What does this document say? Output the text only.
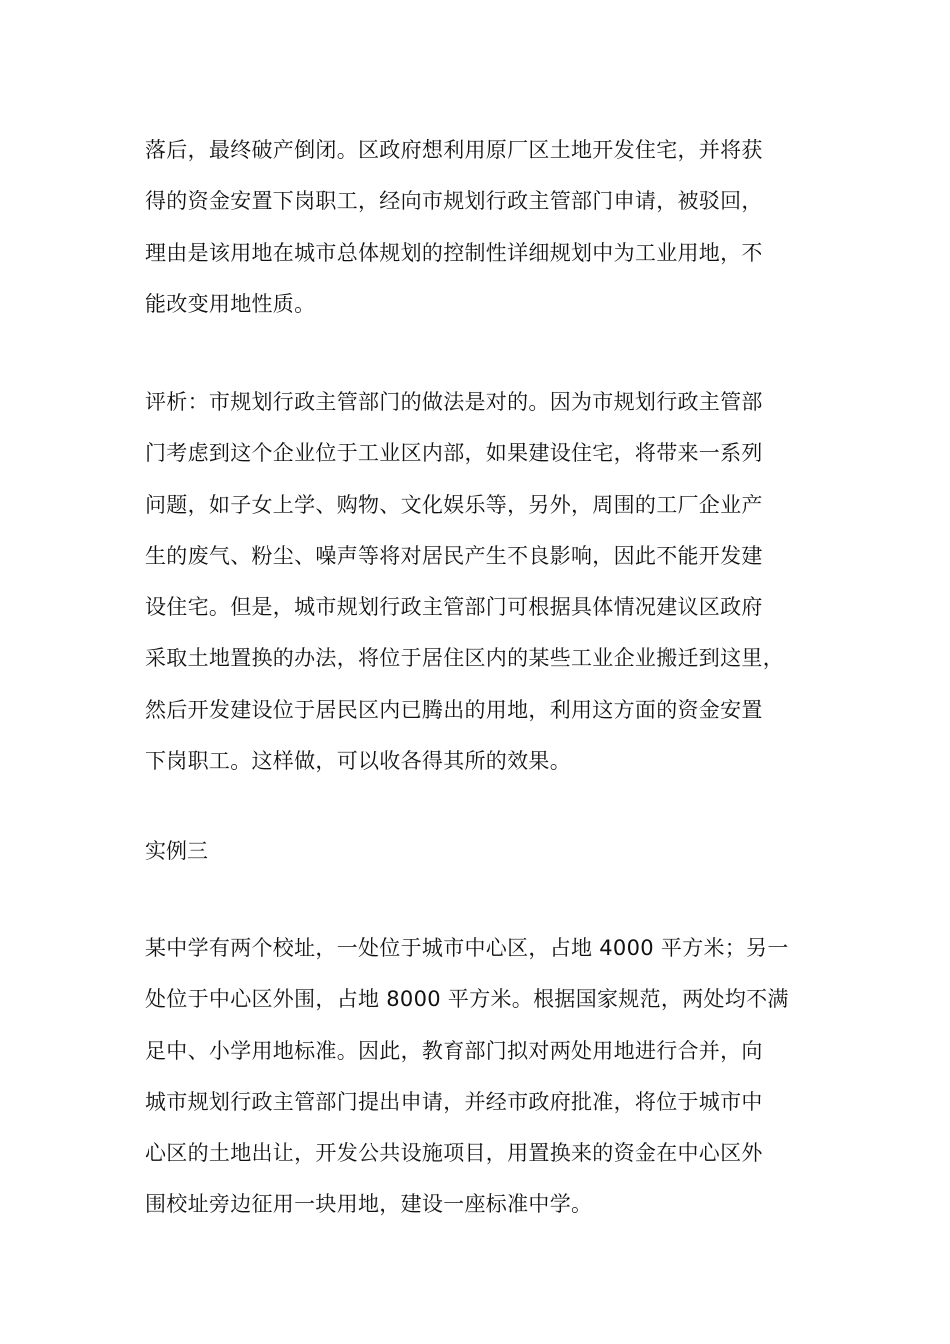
落后，最终破产倒闭。区政府想利用原厂区土地开发住宅，并将获
得的资金安置下岗职工，经向市规划行政主管部门申请，被驳回，
理由是该用地在城市总体规划的控制性详细规划中为工业用地，不
能改变用地性质。

评析：市规划行政主管部门的做法是对的。因为市规划行政主管部
门考虑到这个企业位于工业区内部，如果建设住宅，将带来一系列
问题，如子女上学、购物、文化娱乐等，另外，周围的工厂企业产
生的废气、粉尘、噪声等将对居民产生不良影响，因此不能开发建
设住宅。但是，城市规划行政主管部门可根据具体情况建议区政府
采取土地置换的办法，将位于居住区内的某些工业企业搬迁到这里，
然后开发建设位于居民区内已腾出的用地，利用这方面的资金安置
下岗职工。这样做，可以收各得其所的效果。

实例三

某中学有两个校址，一处位于城市中心区，占地 4000 平方米；另一
处位于中心区外围，占地 8000 平方米。根据国家规范，两处均不满
足中、小学用地标准。因此，教育部门拟对两处用地进行合并，向
城市规划行政主管部门提出申请，并经市政府批准，将位于城市中
心区的土地出让，开发公共设施项目，用置换来的资金在中心区外
围校址旁边征用一块用地，建设一座标准中学。
